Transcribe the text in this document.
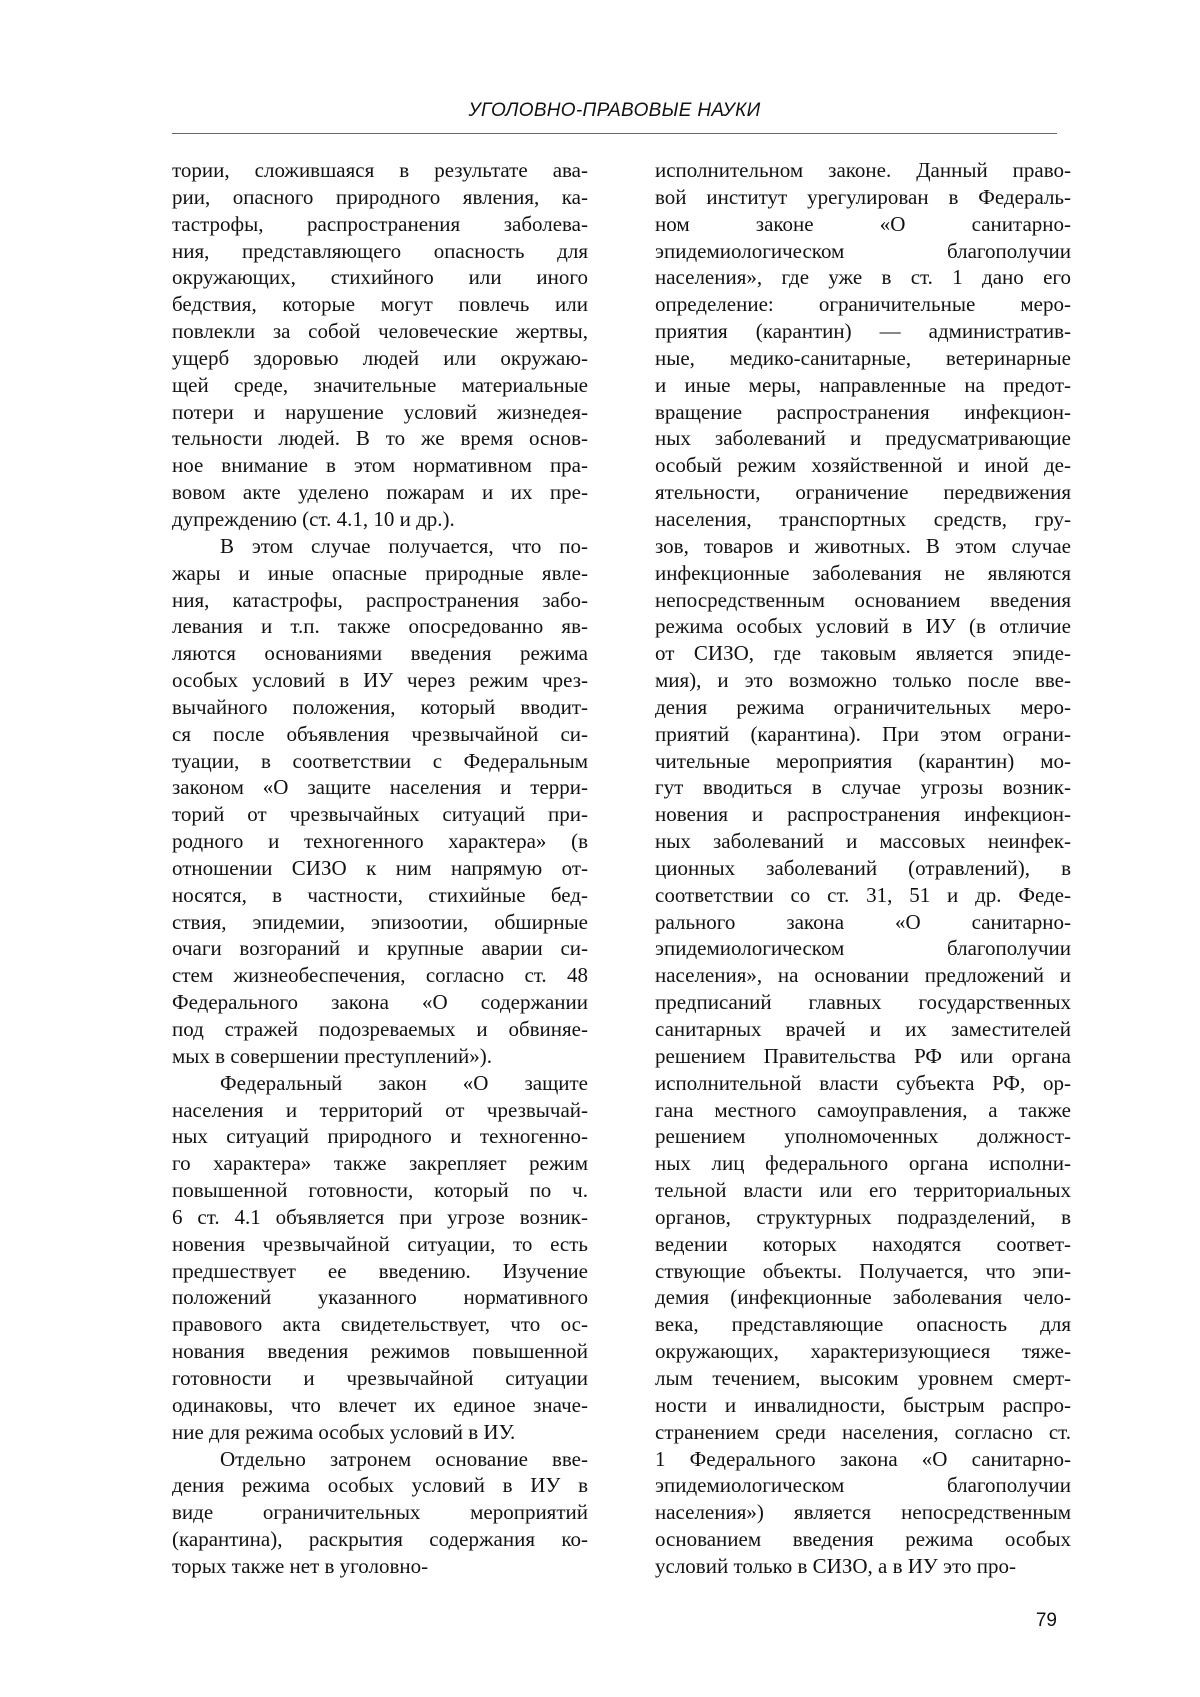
УГОЛОВНО-ПРАВОВЫЕ НАУКИ
тории, сложившаяся в результате ава-
рии, опасного природного явления, ка-
тастрофы, распространения заболева-
ния, представляющего опасность для
окружающих, стихийного или иного
бедствия, которые могут повлечь или
повлекли за собой человеческие жертвы,
ущерб здоровью людей или окружаю-
щей среде, значительные материальные
потери и нарушение условий жизнедея-
тельности людей. В то же время основ-
ное внимание в этом нормативном пра-
вовом акте уделено пожарам и их пре-
дупреждению (ст. 4.1, 10 и др.).
В этом случае получается, что по-
жары и иные опасные природные явле-
ния, катастрофы, распространения забо-
левания и т.п. также опосредованно яв-
ляются основаниями введения режима
особых условий в ИУ через режим чрез-
вычайного положения, который вводит-
ся после объявления чрезвычайной си-
туации, в соответствии с Федеральным
законом «О защите населения и терри-
торий от чрезвычайных ситуаций при-
родного и техногенного характера» (в
отношении СИЗО к ним напрямую от-
носятся, в частности, стихийные бед-
ствия, эпидемии, эпизоотии, обширные
очаги возгораний и крупные аварии си-
стем жизнеобеспечения, согласно ст. 48
Федерального закона «О содержании
под стражей подозреваемых и обвиняе-
мых в совершении преступлений»).
Федеральный закон «О защите
населения и территорий от чрезвычай-
ных ситуаций природного и техногенно-
го характера» также закрепляет режим
повышенной готовности, который по ч.
6 ст. 4.1 объявляется при угрозе возник-
новения чрезвычайной ситуации, то есть
предшествует ее введению. Изучение
положений указанного нормативного
правового акта свидетельствует, что ос-
нования введения режимов повышенной
готовности и чрезвычайной ситуации
одинаковы, что влечет их единое значе-
ние для режима особых условий в ИУ.
Отдельно затронем основание вве-
дения режима особых условий в ИУ в
виде ограничительных мероприятий
(карантина), раскрытия содержания ко-
торых также нет в уголовно-
исполнительном законе. Данный право-
вой институт урегулирован в Федераль-
ном законе «О санитарно-
эпидемиологическом благополучии
населения», где уже в ст. 1 дано его
определение: ограничительные меро-
приятия (карантин) — административ-
ные, медико-санитарные, ветеринарные
и иные меры, направленные на предот-
вращение распространения инфекцион-
ных заболеваний и предусматривающие
особый режим хозяйственной и иной де-
ятельности, ограничение передвижения
населения, транспортных средств, гру-
зов, товаров и животных. В этом случае
инфекционные заболевания не являются
непосредственным основанием введения
режима особых условий в ИУ (в отличие
от СИЗО, где таковым является эпиде-
мия), и это возможно только после вве-
дения режима ограничительных меро-
приятий (карантина). При этом ограни-
чительные мероприятия (карантин) мо-
гут вводиться в случае угрозы возник-
новения и распространения инфекцион-
ных заболеваний и массовых неинфек-
ционных заболеваний (отравлений), в
соответствии со ст. 31, 51 и др. Феде-
рального закона «О санитарно-
эпидемиологическом благополучии
населения», на основании предложений и
предписаний главных государственных
санитарных врачей и их заместителей
решением Правительства РФ или органа
исполнительной власти субъекта РФ, ор-
гана местного самоуправления, а также
решением уполномоченных должност-
ных лиц федерального органа исполни-
тельной власти или его территориальных
органов, структурных подразделений, в
ведении которых находятся соответ-
ствующие объекты. Получается, что эпи-
демия (инфекционные заболевания чело-
века, представляющие опасность для
окружающих, характеризующиеся тяже-
лым течением, высоким уровнем смерт-
ности и инвалидности, быстрым распро-
странением среди населения, согласно ст.
1 Федерального закона «О санитарно-
эпидемиологическом благополучии
населения») является непосредственным
основанием введения режима особых
условий только в СИЗО, а в ИУ это про-
79
